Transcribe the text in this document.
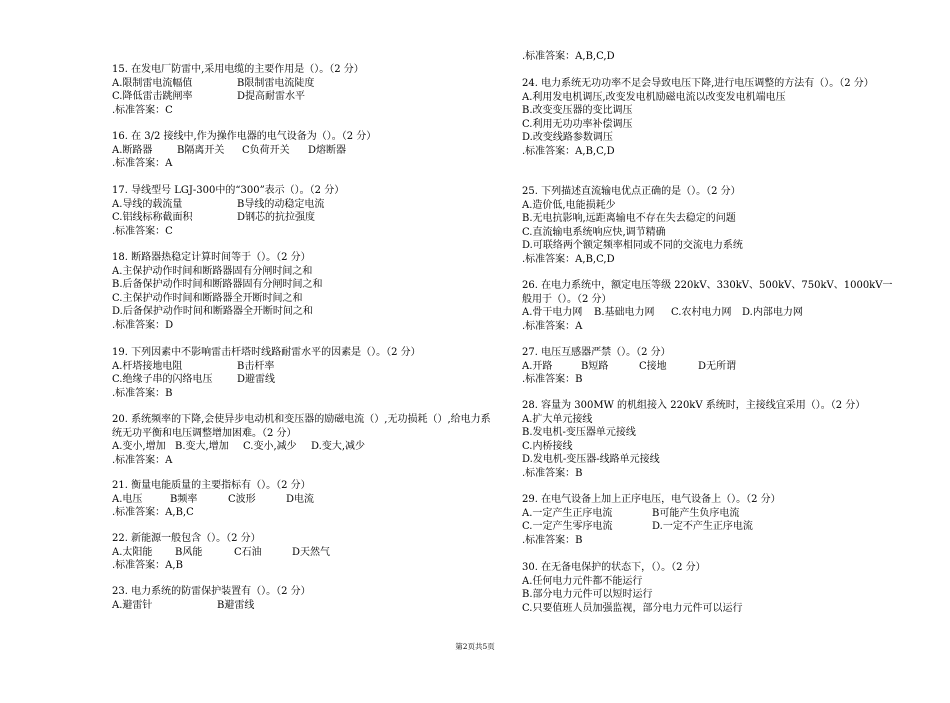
15. 在发电厂防雷中,采用电缆的主要作用是（）。（2 分）
A.限制雷电流幅值	B限制雷电流陡度
C.降低雷击跳闸率	D提高耐雷水平
.标准答案：C
16. 在 3/2 接线中,作为操作电器的电气设备为（）。（2 分）
A.断路器	B隔离开关	C负荷开关	D熔断器
.标准答案：A
17. 导线型号 LGJ-300中的“300”表示（）。（2 分）
A.导线的载流量	B导线的动稳定电流
C.铝线标称截面积	D钢芯的抗拉强度
.标准答案：C
18. 断路器热稳定计算时间等于（）。（2 分）
A.主保护动作时间和断路器固有分闸时间之和
B.后备保护动作时间和断路器固有分闸时间之和
C.主保护动作时间和断路器全开断时间之和
D.后备保护动作时间和断路器全开断时间之和
.标准答案：D
19. 下列因素中不影响雷击杆塔时线路耐雷水平的因素是（）。（2 分）
A.杆塔接地电阻	B击杆率
C.绝缘子串的闪络电压	D避雷线
.标准答案：B
20. 系统频率的下降,会使异步电动机和变压器的励磁电流（）,无功损耗（）,给电力系统无功平衡和电压调整增加困难。（2 分）
A.变小,增加 B.变大,增加	C.变小,减少	D.变大,减少
.标准答案：A
21. 衡量电能质量的主要指标有（）。（2 分）
A.电压	B频率	C波形	D电流
.标准答案：A,B,C
22. 新能源一般包含（）。（2 分）
A.太阳能	B风能	C石油	D天然气
.标准答案：A,B
23. 电力系统的防雷保护装置有（）。（2 分）
A.避雷针	B避雷线
.标准答案：A,B,C,D
24. 电力系统无功功率不足会导致电压下降,进行电压调整的方法有（）。（2 分）
A.利用发电机调压,改变发电机励磁电流以改变发电机端电压
B.改变变压器的变比调压
C.利用无功功率补偿调压
D.改变线路参数调压
.标准答案：A,B,C,D
25. 下列描述直流输电优点正确的是（）。（2 分）
A.造价低,电能损耗少
B.无电抗影响,远距离输电不存在失去稳定的问题
C.直流输电系统响应快,调节精确
D.可联络两个额定频率相同或不同的交流电力系统
.标准答案：A,B,C,D
26. 在电力系统中，额定电压等级 220kV、330kV、500kV、750kV、1000kV一般用于（）。（2 分）
A.骨干电力网	B.基础电力网	C.农村电力网	D.内部电力网
.标准答案：A
27. 电压互感器严禁（）。（2 分）
A.开路	B短路	C接地	D无所谓
.标准答案：B
28. 容量为 300MW 的机组接入 220kV 系统时，主接线宜采用（）。（2 分）
A.扩大单元接线
B.发电机-变压器单元接线
C.内桥接线
D.发电机-变压器-线路单元接线
.标准答案：B
29. 在电气设备上加上正序电压，电气设备上（）。（2 分）
A.一定产生正序电流	B可能产生负序电流
C.一定产生零序电流	D.一定不产生正序电流
.标准答案：B
30. 在无备电保护的状态下，（）。（2 分）
A.任何电力元件都不能运行
B.部分电力元件可以短时运行
C.只要值班人员加强监视，部分电力元件可以运行
第2页共5页
